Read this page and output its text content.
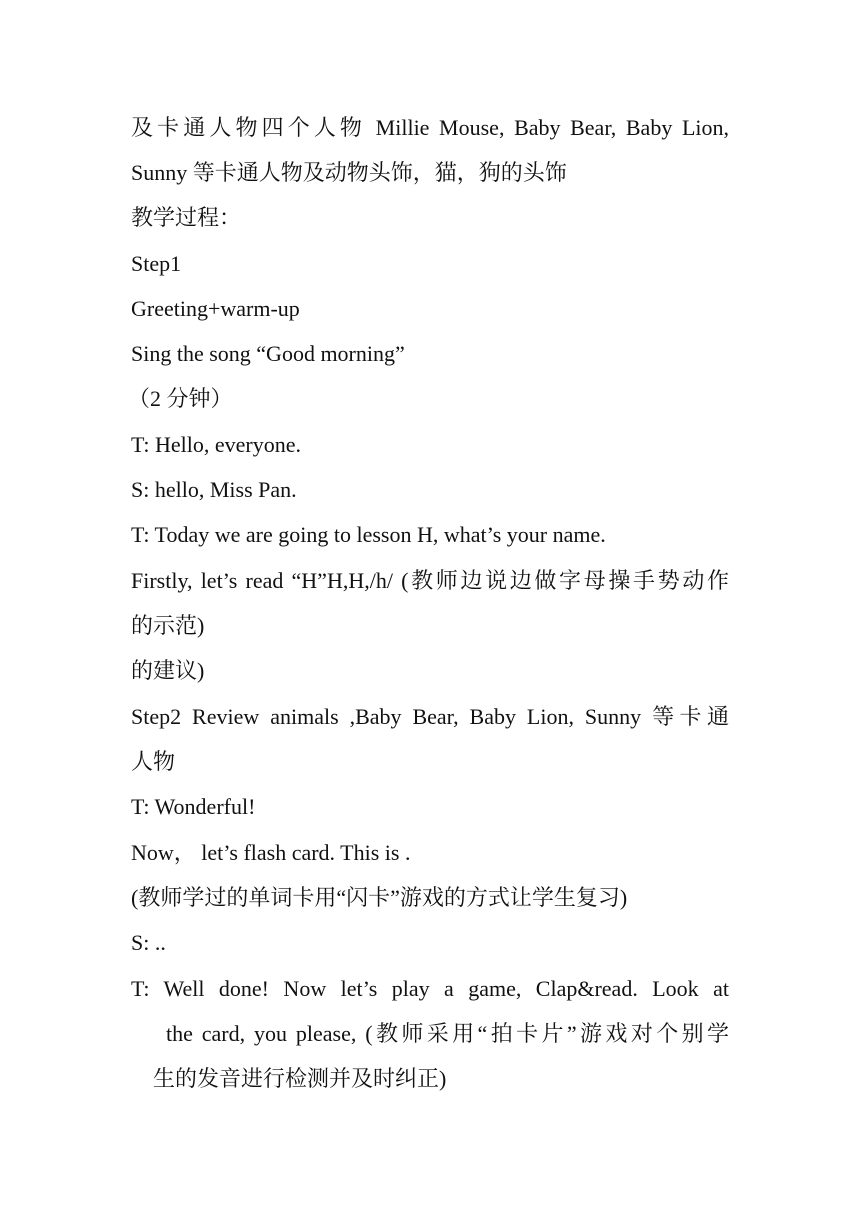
及卡通人物四个人物 Millie Mouse, Baby Bear, Baby Lion,
Sunny 等卡通人物及动物头饰，猫，狗的头饰
教学过程：
Step1
Greeting+warm-up
Sing the song “Good morning”
（2 分钟）
T: Hello, everyone.
S: hello, Miss Pan.
T: Today we are going to lesson H, what’s your name.
Firstly, let’s read “H”H,H,/h/ (教师边说边做字母操手势动作
的示范)
的建议)
Step2 Review animals ,Baby Bear, Baby Lion, Sunny 等卡通
人物
T: Wonderful!
Now， let’s flash card. This is .
(教师学过的单词卡用“闪卡”游戏的方式让学生复习)
S: ..
T: Well done! Now let’s play a game, Clap&read. Look at
the card, you please, (教师采用“拍卡片”游戏对个别学
生的发音进行检测并及时纠正)
